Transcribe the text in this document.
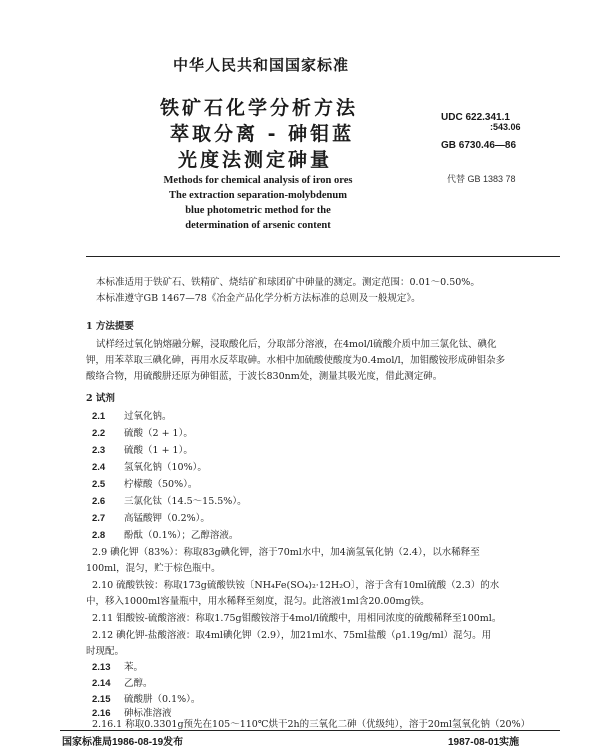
中华人民共和国国家标准
铁矿石化学分析方法
萃取分离 - 砷钼蓝
光度法测定砷量
UDC 622.341.1
:543.06
GB 6730.46—86
代替 GB 1383 78
Methods for chemical analysis of iron ores
The extraction separation-molybdenum
blue photometric method for the
determination of arsenic content
本标准适用于铁矿石、铁精矿、烧结矿和球团矿中砷量的测定。测定范围：0.01～0.50%。
本标准遵守GB 1467—78《冶金产品化学分析方法标准的总则及一般规定》。
1 方法提要
试样经过氧化钠熔融分解，浸取酸化后，分取部分溶液，在4mol/l硫酸介质中加三氯化钛、碘化
钾，用苯萃取三碘化砷，再用水反萃取砷。水相中加硫酸使酸度为0.4mol/l，加钼酸铵形成砷钼杂多
酸络合物，用硫酸肼还原为砷钼蓝，于波长830nm处，测量其吸光度，借此测定砷。
2 试剂
2.1 过氧化钠。
2.2 硫酸（2 + 1）。
2.3 硫酸（1 + 1）。
2.4 氢氧化钠（10%）。
2.5 柠檬酸（50%）。
2.6 三氯化钛（14.5～15.5%）。
2.7 高锰酸钾（0.2%）。
2.8 酚酞（0.1%）；乙醇溶液。
2.9 碘化钾（83%）：称取83g碘化钾，溶于70ml水中，加4滴氢氧化钠（2.4），以水稀释至
100ml，混匀，贮于棕色瓶中。
2.10 硫酸铁铵：称取173g硫酸铁铵〔NH₄Fe(SO₄)₂·12H₂O〕，溶于含有10ml硫酸（2.3）的水
中，移入1000ml容量瓶中，用水稀释至刻度，混匀。此溶液1ml含20.00mg铁。
2.11 钼酸铵-硫酸溶液：称取1.75g钼酸铵溶于4mol/l硫酸中，用相同浓度的硫酸稀释至100ml。
2.12 碘化钾-盐酸溶液：取4ml碘化钾（2.9），加21ml水、75ml盐酸（ρ1.19g/ml）混匀。用
时现配。
2.13 苯。
2.14 乙醇。
2.15 硫酸肼（0.1%）。
2.16 砷标准溶液
2.16.1 称取0.3301g预先在105～110℃烘干2h的三氧化二砷（优级纯），溶于20ml氢氧化钠（20%）
国家标准局1986-08-19发布	1987-08-01实施
